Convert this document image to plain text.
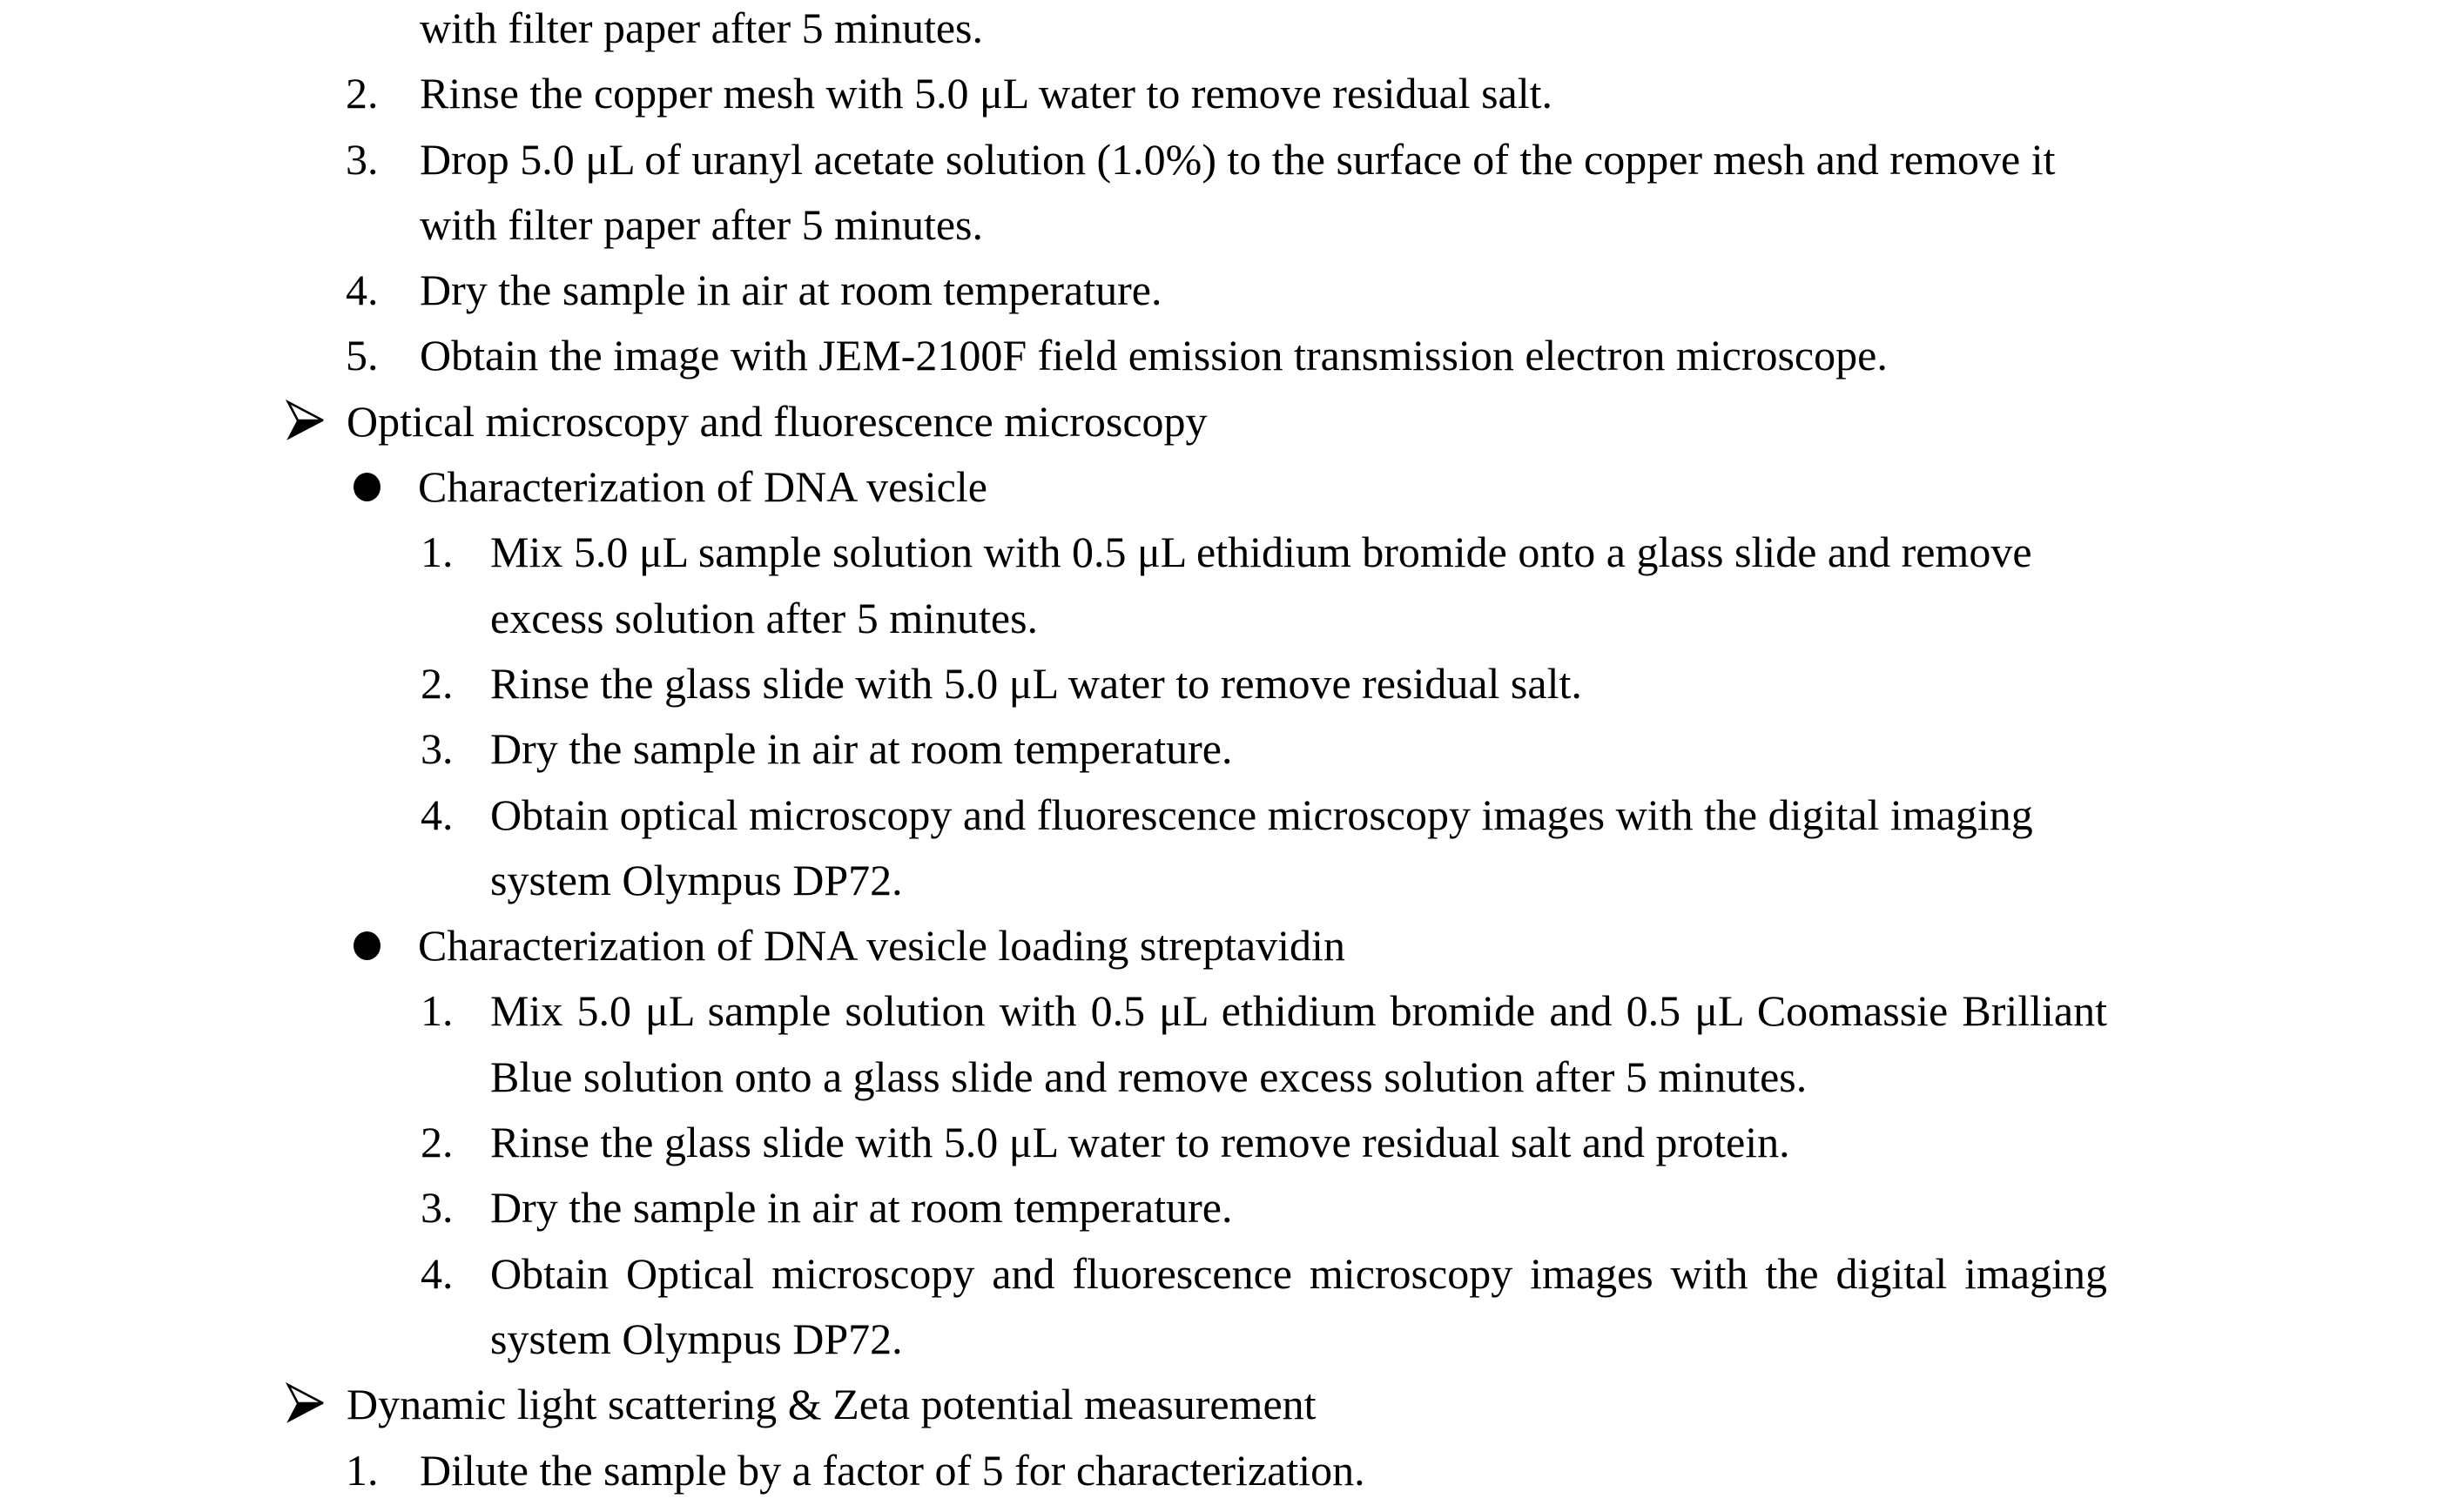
with filter paper after 5 minutes.
2. Rinse the copper mesh with 5.0 μL water to remove residual salt.
3. Drop 5.0 μL of uranyl acetate solution (1.0%) to the surface of the copper mesh and remove it with filter paper after 5 minutes.
4. Dry the sample in air at room temperature.
5. Obtain the image with JEM-2100F field emission transmission electron microscope.
Optical microscopy and fluorescence microscopy
Characterization of DNA vesicle
1. Mix 5.0 μL sample solution with 0.5 μL ethidium bromide onto a glass slide and remove excess solution after 5 minutes.
2. Rinse the glass slide with 5.0 μL water to remove residual salt.
3. Dry the sample in air at room temperature.
4. Obtain optical microscopy and fluorescence microscopy images with the digital imaging system Olympus DP72.
Characterization of DNA vesicle loading streptavidin
1. Mix 5.0 μL sample solution with 0.5 μL ethidium bromide and 0.5 μL Coomassie Brilliant Blue solution onto a glass slide and remove excess solution after 5 minutes.
2. Rinse the glass slide with 5.0 μL water to remove residual salt and protein.
3. Dry the sample in air at room temperature.
4. Obtain Optical microscopy and fluorescence microscopy images with the digital imaging system Olympus DP72.
Dynamic light scattering & Zeta potential measurement
1. Dilute the sample by a factor of 5 for characterization.
